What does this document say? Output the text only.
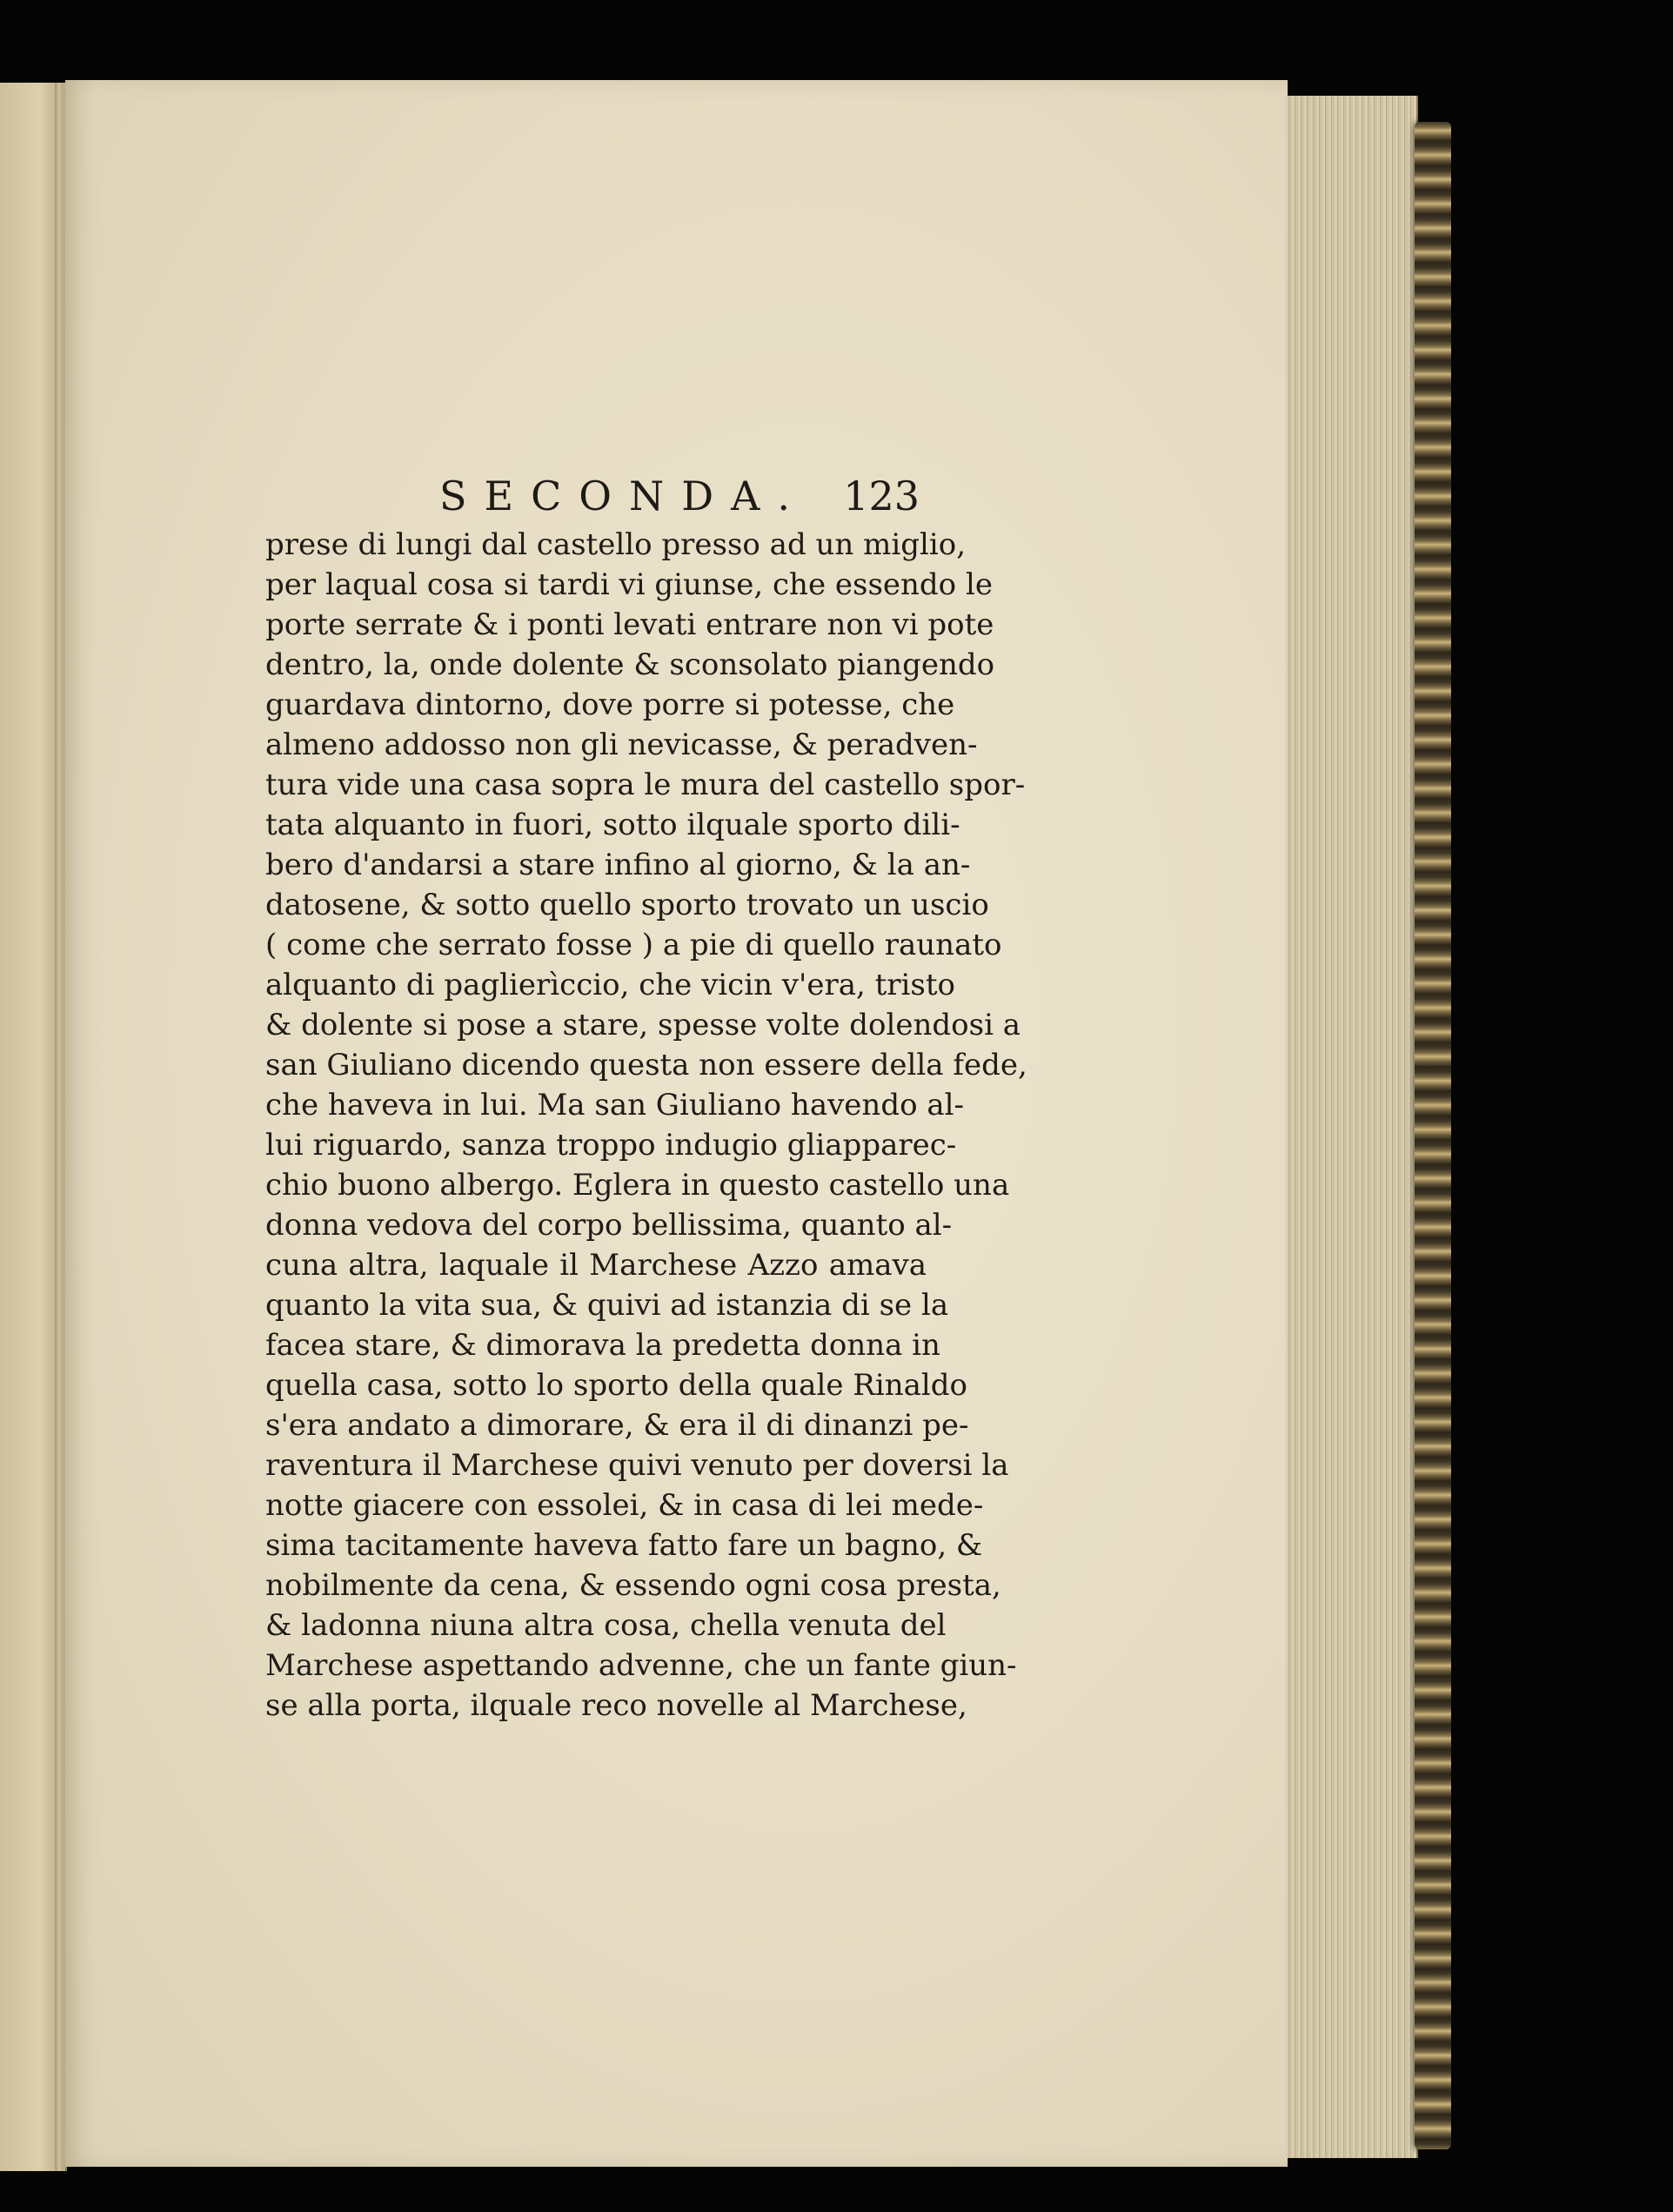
SECONDA. 123
prese di lungi dal castello presso ad un miglio,
per laqual cosa si tardi vi giunse, che essendo le
porte serrate & i ponti levati entrare non vi pote
dentro, la, onde dolente & sconsolato piangendo
guardava dintorno, dove porre si potesse, che
almeno addosso non gli nevicasse, & peradven-
tura vide una casa sopra le mura del castello spor-
tata alquanto in fuori, sotto ilquale sporto dili-
bero d'andarsi a stare infino al giorno, & la an-
datosene, & sotto quello sporto trovato un uscio
( come che serrato fosse ) a pie di quello raunato
alquanto di paglierìccio, che vicin v'era, tristo
& dolente si pose a stare, spesse volte dolendosi a
san Giuliano dicendo questa non essere della fede,
che haveva in lui. Ma san Giuliano havendo al-
lui riguardo, sanza troppo indugio gliapparec-
chio buono albergo. Eglera in questo castello una
donna vedova del corpo bellissima, quanto al-
cuna altra, laquale il Marchese Azzo amava
quanto la vita sua, & quivi ad istanzia di se la
facea stare, & dimorava la predetta donna in
quella casa, sotto lo sporto della quale Rinaldo
s'era andato a dimorare, & era il di dinanzi pe-
raventura il Marchese quivi venuto per doversi la
notte giacere con essolei, & in casa di lei mede-
sima tacitamente haveva fatto fare un bagno, &
nobilmente da cena, & essendo ogni cosa presta,
& ladonna niuna altra cosa, chella venuta del
Marchese aspettando advenne, che un fante giun-
se alla porta, ilquale reco novelle al Marchese,
